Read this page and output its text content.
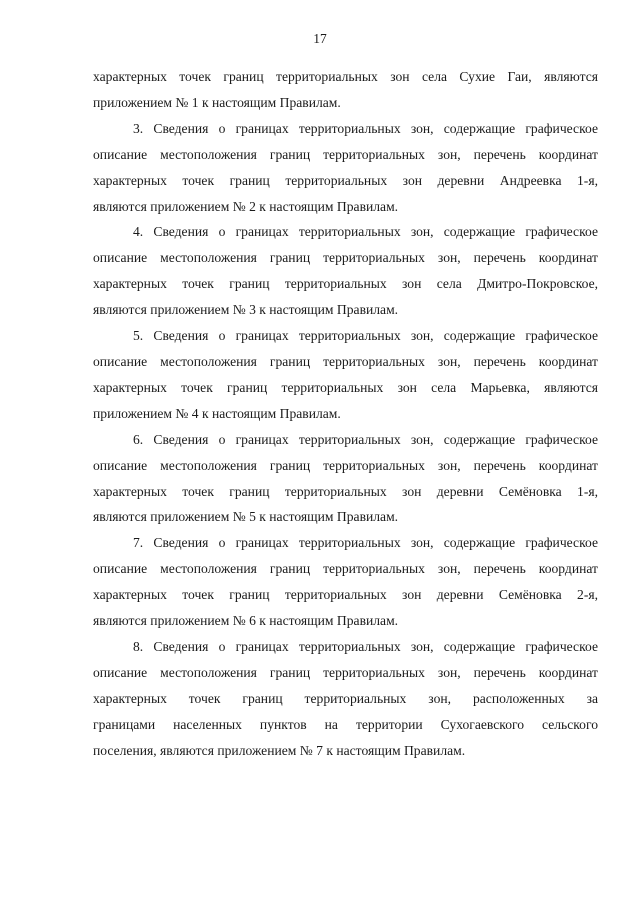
17
характерных точек границ территориальных зон села Сухие Гаи, являются
приложением № 1 к настоящим Правилам.
3. Сведения о границах территориальных зон, содержащие графическое
описание местоположения границ территориальных зон, перечень координат
характерных точек границ территориальных зон деревни Андреевка 1-я,
являются приложением № 2 к настоящим Правилам.
4. Сведения о границах территориальных зон, содержащие графическое
описание местоположения границ территориальных зон, перечень координат
характерных точек границ территориальных зон села Дмитро-Покровское,
являются приложением № 3 к настоящим Правилам.
5. Сведения о границах территориальных зон, содержащие графическое
описание местоположения границ территориальных зон, перечень координат
характерных точек границ территориальных зон села Марьевка, являются
приложением № 4 к настоящим Правилам.
6. Сведения о границах территориальных зон, содержащие графическое
описание местоположения границ территориальных зон, перечень координат
характерных точек границ территориальных зон деревни Семёновка 1-я,
являются приложением № 5 к настоящим Правилам.
7. Сведения о границах территориальных зон, содержащие графическое
описание местоположения границ территориальных зон, перечень координат
характерных точек границ территориальных зон деревни Семёновка 2-я,
являются приложением № 6 к настоящим Правилам.
8. Сведения о границах территориальных зон, содержащие графическое
описание местоположения границ территориальных зон, перечень координат
характерных точек границ территориальных зон, расположенных за
границами населенных пунктов на территории Сухогаевского сельского
поселения, являются приложением № 7 к настоящим Правилам.
